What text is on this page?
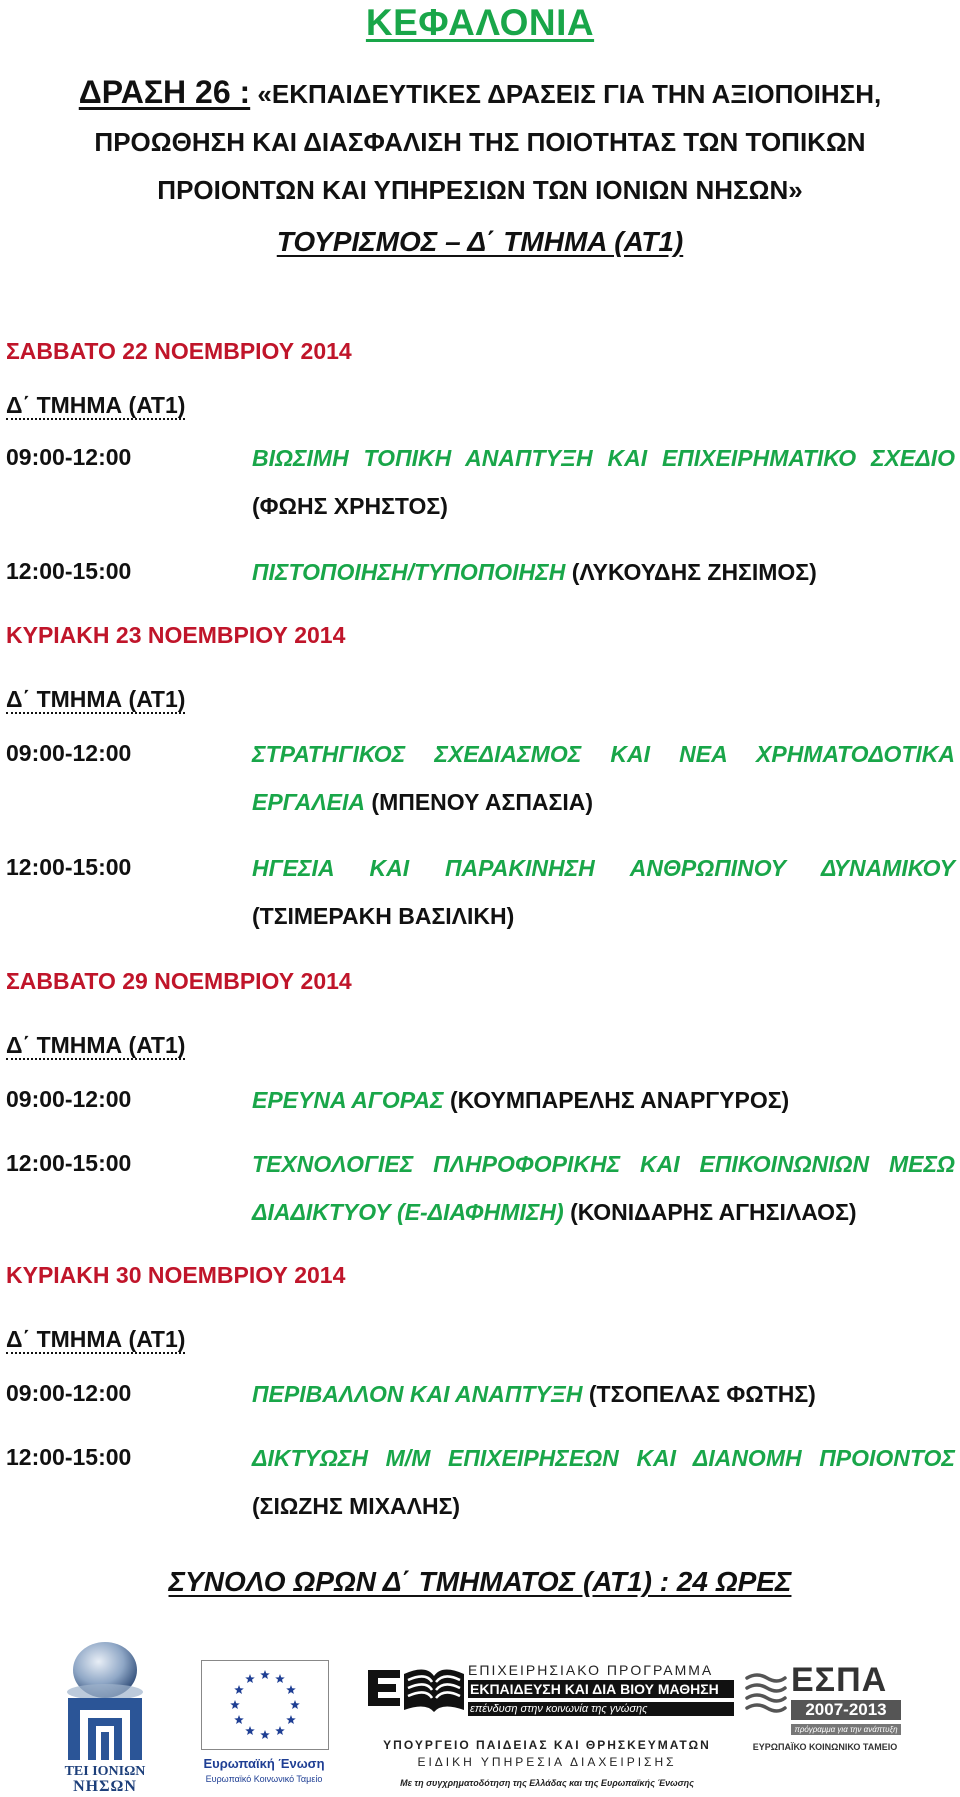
ΚΕΦΑΛΟΝΙΑ
ΔΡΑΣΗ 26 : «ΕΚΠΑΙΔΕΥΤΙΚΕΣ ΔΡΑΣΕΙΣ ΓΙΑ ΤΗΝ ΑΞΙΟΠΟΙΗΣΗ,
ΠΡΟΩΘΗΣΗ ΚΑΙ ΔΙΑΣΦΑΛΙΣΗ ΤΗΣ ΠΟΙΟΤΗΤΑΣ ΤΩΝ ΤΟΠΙΚΩΝ
ΠΡΟΙΟΝΤΩΝ ΚΑΙ ΥΠΗΡΕΣΙΩΝ ΤΩΝ ΙΟΝΙΩΝ ΝΗΣΩΝ»
ΤΟΥΡΙΣΜΟΣ – Δ΄ ΤΜΗΜΑ (ΑΤ1)
ΣΑΒΒΑΤΟ 22 ΝΟΕΜΒΡΙΟΥ 2014
Δ΄ ΤΜΗΜΑ (ΑΤ1)
09:00-12:00	ΒΙΩΣΙΜΗ ΤΟΠΙΚΗ ΑΝΑΠΤΥΞΗ ΚΑΙ ΕΠΙΧΕΙΡΗΜΑΤΙΚΟ ΣΧΕΔΙΟ
(ΦΩΗΣ ΧΡΗΣΤΟΣ)
12:00-15:00	ΠΙΣΤΟΠΟΙΗΣΗ/ΤΥΠΟΠΟΙΗΣΗ (ΛΥΚΟΥΔΗΣ ΖΗΣΙΜΟΣ)
ΚΥΡΙΑΚΗ 23 ΝΟΕΜΒΡΙΟΥ 2014
Δ΄ ΤΜΗΜΑ (ΑΤ1)
09:00-12:00	ΣΤΡΑΤΗΓΙΚΟΣ ΣΧΕΔΙΑΣΜΟΣ ΚΑΙ ΝΕΑ ΧΡΗΜΑΤΟΔΟΤΙΚΑ
ΕΡΓΑΛΕΙΑ (ΜΠΕΝΟΥ ΑΣΠΑΣΙΑ)
12:00-15:00	ΗΓΕΣΙΑ ΚΑΙ ΠΑΡΑΚΙΝΗΣΗ ΑΝΘΡΩΠΙΝΟΥ ΔΥΝΑΜΙΚΟΥ
(ΤΣΙΜΕΡΑΚΗ ΒΑΣΙΛΙΚΗ)
ΣΑΒΒΑΤΟ 29 ΝΟΕΜΒΡΙΟΥ 2014
Δ΄ ΤΜΗΜΑ (ΑΤ1)
09:00-12:00	ΕΡΕΥΝΑ ΑΓΟΡΑΣ (ΚΟΥΜΠΑΡΕΛΗΣ ΑΝΑΡΓΥΡΟΣ)
12:00-15:00	ΤΕΧΝΟΛΟΓΙΕΣ ΠΛΗΡΟΦΟΡΙΚΗΣ ΚΑΙ ΕΠΙΚΟΙΝΩΝΙΩΝ ΜΕΣΩ
ΔΙΑΔΙΚΤΥΟΥ (Ε-ΔΙΑΦΗΜΙΣΗ) (ΚΟΝΙΔΑΡΗΣ ΑΓΗΣΙΛΑΟΣ)
ΚΥΡΙΑΚΗ 30 ΝΟΕΜΒΡΙΟΥ 2014
Δ΄ ΤΜΗΜΑ (ΑΤ1)
09:00-12:00	ΠΕΡΙΒΑΛΛΟΝ ΚΑΙ ΑΝΑΠΤΥΞΗ (ΤΣΟΠΕΛΑΣ ΦΩΤΗΣ)
12:00-15:00	ΔΙΚΤΥΩΣΗ Μ/Μ ΕΠΙΧΕΙΡΗΣΕΩΝ ΚΑΙ ΔΙΑΝΟΜΗ ΠΡΟΙΟΝΤΟΣ
(ΣΙΩΖΗΣ ΜΙΧΑΛΗΣ)
ΣΥΝΟΛΟ ΩΡΩΝ Δ΄ ΤΜΗΜΑΤΟΣ (ΑΤ1) : 24 ΩΡΕΣ
ΤΕΙ ΙΟΝΙΩΝ
ΝΗΣΩΝ
Ευρωπαϊκή Ένωση
Ευρωπαϊκό Κοινωνικό Ταμείο
ΕΠΙΧΕΙΡΗΣΙΑΚΟ ΠΡΟΓΡΑΜΜΑ
ΕΚΠΑΙΔΕΥΣΗ ΚΑΙ ΔΙΑ ΒΙΟΥ ΜΑΘΗΣΗ
επένδυση στην κοινωνία της γνώσης
ΥΠΟΥΡΓΕΙΟ ΠΑΙΔΕΙΑΣ ΚΑΙ ΘΡΗΣΚΕΥΜΑΤΩΝ
ΕΙΔΙΚΗ ΥΠΗΡΕΣΙΑ ΔΙΑΧΕΙΡΙΣΗΣ
Με τη συγχρηματοδότηση της Ελλάδας και της Ευρωπαϊκής Ένωσης
ΕΣΠΑ
2007-2013
πρόγραμμα για την ανάπτυξη
ΕΥΡΩΠΑΪΚΟ ΚΟΙΝΩΝΙΚΟ ΤΑΜΕΙΟ
